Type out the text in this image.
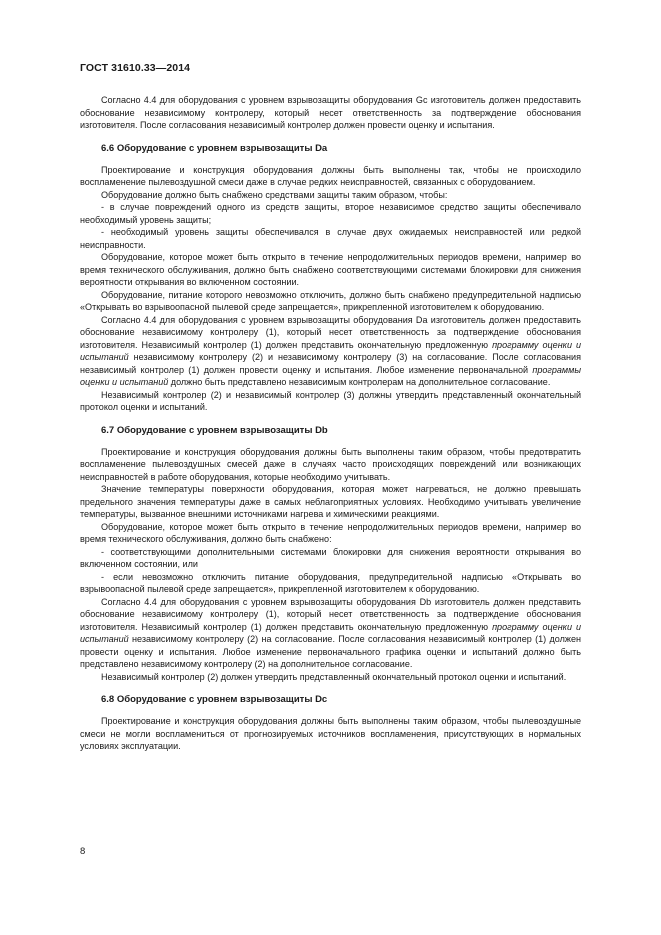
ГОСТ 31610.33—2014

Согласно 4.4 для оборудования с уровнем взрывозащиты оборудования Gc изготовитель должен предоставить обоснование независимому контролеру, который несет ответственность за подтверждение обоснования изготовителя. После согласования независимый контролер должен провести оценку и испытания.

6.6 Оборудование с уровнем взрывозащиты Da

Проектирование и конструкция оборудования должны быть выполнены так, чтобы не происходило воспламенение пылевоздушной смеси даже в случае редких неисправностей, связанных с оборудованием.

Оборудование должно быть снабжено средствами защиты таким образом, чтобы:

- в случае повреждений одного из средств защиты, второе независимое средство защиты обеспечивало необходимый уровень защиты;

- необходимый уровень защиты обеспечивался в случае двух ожидаемых неисправностей или редкой неисправности.

Оборудование, которое может быть открыто в течение непродолжительных периодов времени, например во время технического обслуживания, должно быть снабжено соответствующими системами блокировки для снижения вероятности открывания во включенном состоянии.

Оборудование, питание которого невозможно отключить, должно быть снабжено предупредительной надписью «Открывать во взрывоопасной пылевой среде запрещается», прикрепленной изготовителем к оборудованию.

Согласно 4.4 для оборудования с уровнем взрывозащиты оборудования Da изготовитель должен предоставить обоснование независимому контролеру (1), который несет ответственность за подтверждение обоснования изготовителя. Независимый контролер (1) должен представить окончательную предложенную программу оценки и испытаний независимому контролеру (2) и независимому контролеру (3) на согласование. После согласования независимый контролер (1) должен провести оценку и испытания. Любое изменение первоначальной программы оценки и испытаний должно быть представлено независимым контролерам на дополнительное согласование.

Независимый контролер (2) и независимый контролер (3) должны утвердить представленный окончательный протокол оценки и испытаний.

6.7 Оборудование с уровнем взрывозащиты Db

Проектирование и конструкция оборудования должны быть выполнены таким образом, чтобы предотвратить воспламенение пылевоздушных смесей даже в случаях часто происходящих повреждений или возникающих неисправностей в работе оборудования, которые необходимо учитывать.

Значение температуры поверхности оборудования, которая может нагреваться, не должно превышать предельного значения температуры даже в самых неблагоприятных условиях. Необходимо учитывать увеличение температуры, вызванное внешними источниками нагрева и химическими реакциями.

Оборудование, которое может быть открыто в течение непродолжительных периодов времени, например во время технического обслуживания, должно быть снабжено:

- соответствующими дополнительными системами блокировки для снижения вероятности открывания во включенном состоянии, или

- если невозможно отключить питание оборудования, предупредительной надписью «Открывать во взрывоопасной пылевой среде запрещается», прикрепленной изготовителем к оборудованию.

Согласно 4.4 для оборудования с уровнем взрывозащиты оборудования Db изготовитель должен представить обоснование независимому контролеру (1), который несет ответственность за подтверждение обоснования изготовителя. Независимый контролер (1) должен представить окончательную предложенную программу оценки и испытаний независимому контролеру (2) на согласование. После согласования независимый контролер (1) должен провести оценку и испытания. Любое изменение первоначального графика оценки и испытаний должно быть представлено независимому контролеру (2) на дополнительное согласование.

Независимый контролер (2) должен утвердить представленный окончательный протокол оценки и испытаний.

6.8 Оборудование с уровнем взрывозащиты Dc

Проектирование и конструкция оборудования должны быть выполнены таким образом, чтобы пылевоздушные смеси не могли воспламениться от прогнозируемых источников воспламенения, присутствующих в нормальных условиях эксплуатации.

8
